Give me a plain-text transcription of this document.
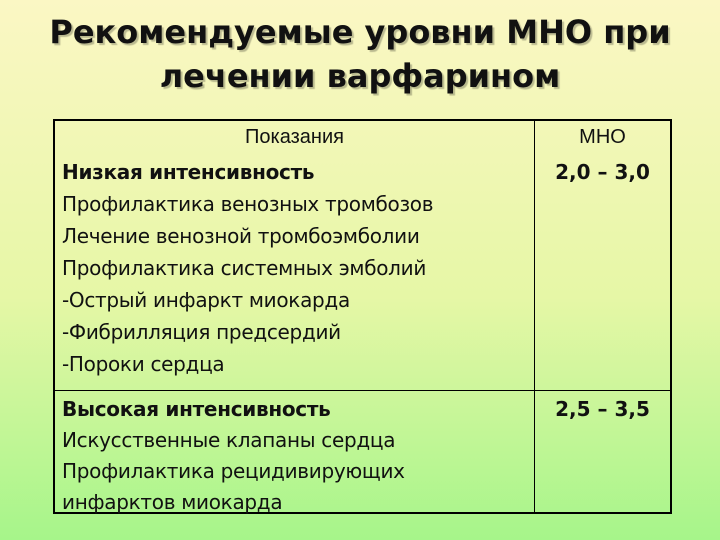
Рекомендуемые уровни МНО при
лечении варфарином
Показания	МНО
Низкая интенсивность
Профилактика венозных тромбозов
Лечение венозной тромбоэмболии
Профилактика системных эмболий
-Острый инфаркт миокарда
-Фибрилляция предсердий
-Пороки сердца
2,0 – 3,0
Высокая интенсивность
Искусственные клапаны сердца
Профилактика рецидивирующих
инфарктов миокарда
2,5 – 3,5
